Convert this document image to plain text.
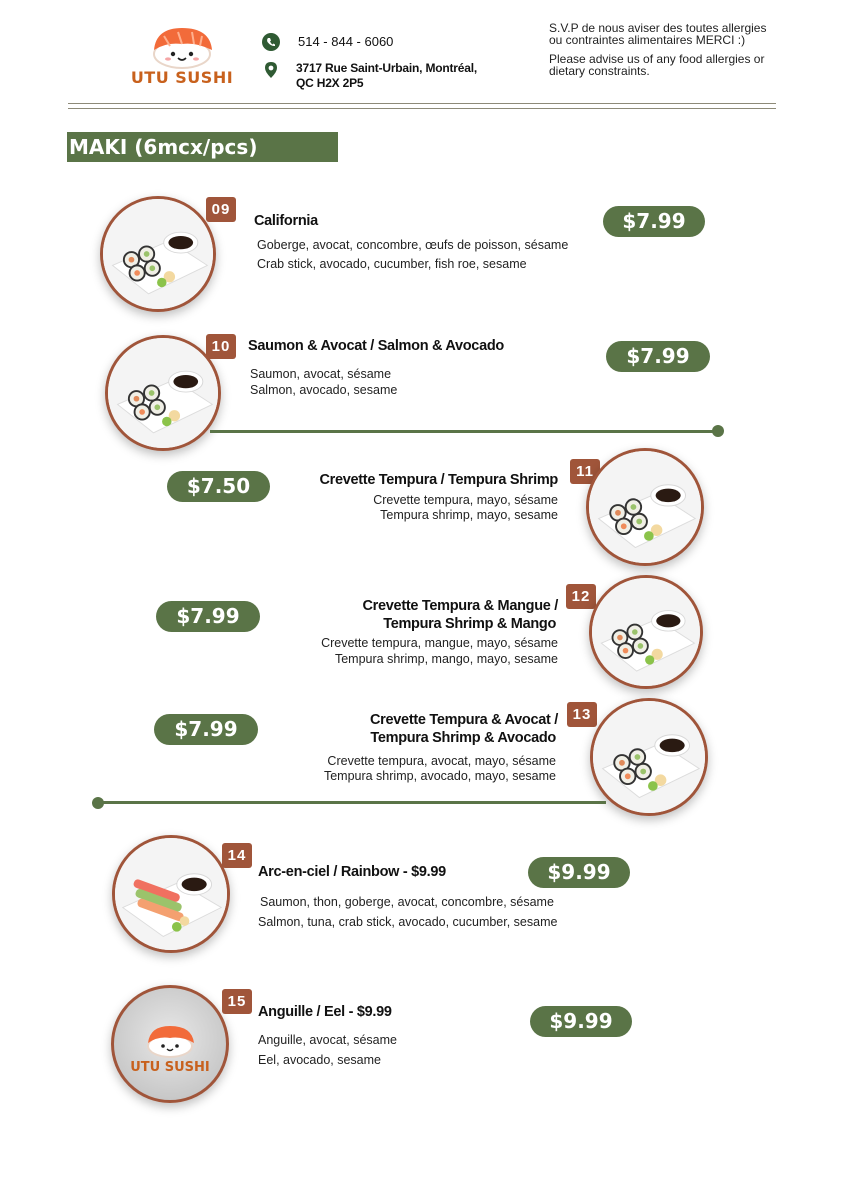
UTU SUSHI
514 - 844 - 6060
3717 Rue Saint-Urbain, Montréal,
QC H2X 2P5

S.V.P de nous aviser des toutes allergies ou contraintes alimentaires MERCI :)

Please advise us of any food allergies or dietary constraints.

MAKI (6mcx/pcs)
09
California
Goberge, avocat, concombre, œufs de poisson, sésame
Crab stick, avocado, cucumber, fish roe, sesame
$7.99
10	Saumon & Avocat / Salmon & Avocado
Saumon, avocat, sésame
Salmon, avocado, sesame
$7.99
$7.50	Crevette Tempura / Tempura Shrimp
Crevette tempura, mayo, sésame
Tempura shrimp, mayo, sesame
11
$7.99	Crevette Tempura & Mangue /
Tempura Shrimp & Mango
Crevette tempura, mangue, mayo, sésame
Tempura shrimp, mango, mayo, sesame
12
$7.99	Crevette Tempura & Avocat /
Tempura Shrimp & Avocado
Crevette tempura, avocat, mayo, sésame
Tempura shrimp, avocado, mayo, sesame
13
14
Arc-en-ciel / Rainbow - $9.99
Saumon, thon, goberge, avocat, concombre, sésame
Salmon, tuna, crab stick, avocado, cucumber, sesame
$9.99
UTU SUSHI
15
Anguille / Eel - $9.99
Anguille, avocat, sésame
Eel, avocado, sesame
$9.99
